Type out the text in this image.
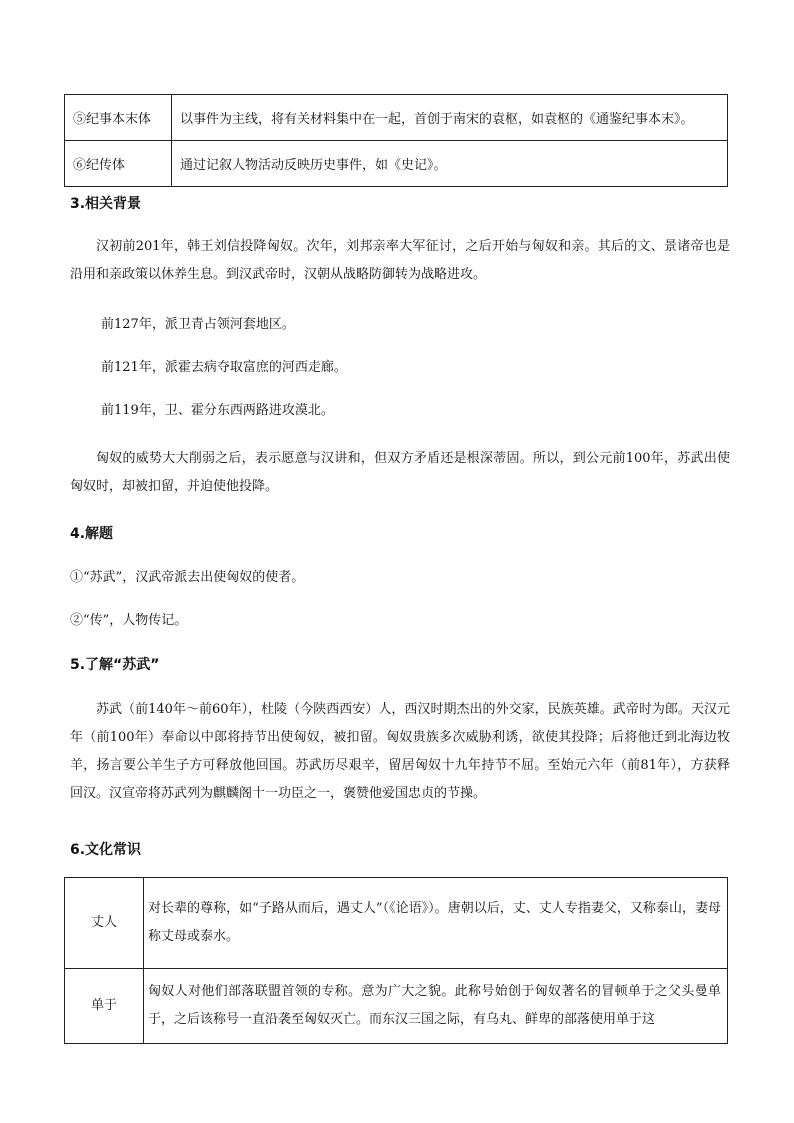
⑤纪事本末体	以事件为主线，将有关材料集中在一起，首创于南宋的袁枢，如袁枢的《通鉴纪事本末》。
⑥纪传体	通过记叙人物活动反映历史事件，如《史记》。
3.相关背景

汉初前201年，韩王刘信投降匈奴。次年，刘邦亲率大军征讨，之后开始与匈奴和亲。其后的文、景诸帝也是沿用和亲政策以休养生息。到汉武帝时，汉朝从战略防御转为战略进攻。

前127年，派卫青占领河套地区。

前121年，派霍去病夺取富庶的河西走廊。

前119年，卫、霍分东西两路进攻漠北。

匈奴的威势大大削弱之后，表示愿意与汉讲和，但双方矛盾还是根深蒂固。所以，到公元前100年，苏武出使匈奴时，却被扣留，并迫使他投降。

4.解题

①“苏武”，汉武帝派去出使匈奴的使者。

②“传”，人物传记。

5.了解“苏武”

苏武（前140年～前60年），杜陵（今陕西西安）人，西汉时期杰出的外交家，民族英雄。武帝时为郎。天汉元年（前100年）奉命以中郎将持节出使匈奴，被扣留。匈奴贵族多次威胁利诱，欲使其投降；后将他迁到北海边牧羊，扬言要公羊生子方可释放他回国。苏武历尽艰辛，留居匈奴十九年持节不屈。至始元六年（前81年），方获释回汉。汉宣帝将苏武列为麒麟阁十一功臣之一，褒赞他爱国忠贞的节操。

6.文化常识
丈人	对长辈的尊称，如“子路从而后，遇丈人”（《论语》）。唐朝以后，丈、丈人专指妻父，又称泰山，妻母称丈母或泰水。
单于	匈奴人对他们部落联盟首领的专称。意为广大之貌。此称号始创于匈奴著名的冒顿单于之父头曼单于，之后该称号一直沿袭至匈奴灭亡。而东汉三国之际，有乌丸、鲜卑的部落使用单于这
